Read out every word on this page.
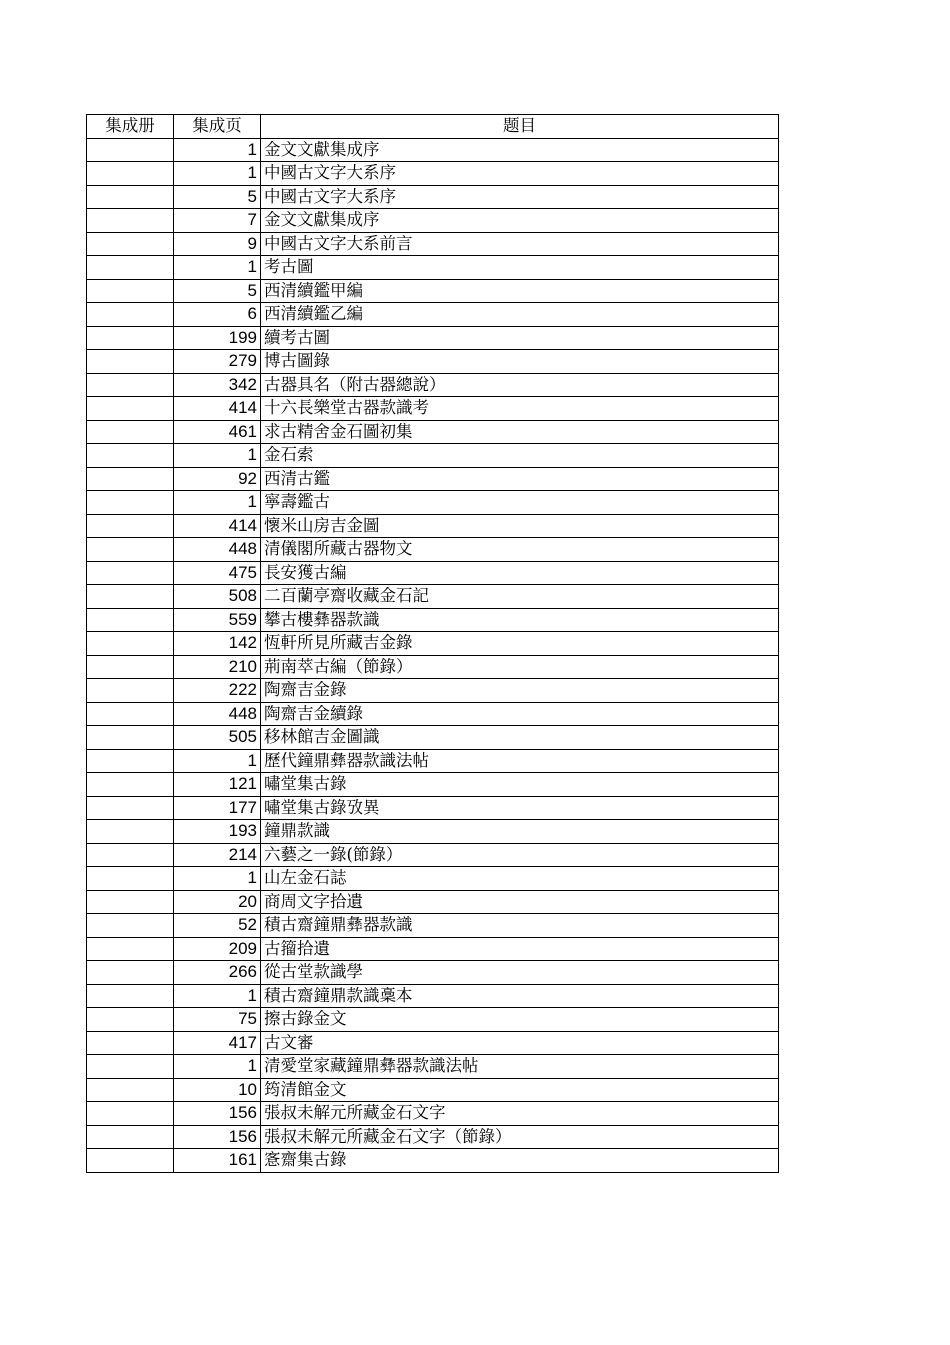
集成册	集成页	题目
	1	金文文獻集成序
	1	中國古文字大系序
	5	中國古文字大系序
	7	金文文獻集成序
	9	中國古文字大系前言
	1	考古圖
	5	西清續鑑甲編
	6	西清續鑑乙編
	199	續考古圖
	279	博古圖錄
	342	古器具名（附古器總說）
	414	十六長樂堂古器款識考
	461	求古精舍金石圖初集
	1	金石索
	92	西清古鑑
	1	寧壽鑑古
	414	懷米山房吉金圖
	448	清儀閣所藏古器物文
	475	長安獲古編
	508	二百蘭亭齋收藏金石記
	559	攀古樓彝器款識
	142	恆軒所見所藏吉金錄
	210	荊南萃古編（節錄）
	222	陶齋吉金錄
	448	陶齋吉金續錄
	505	移林館吉金圖識
	1	歷代鐘鼎彝器款識法帖
	121	嘯堂集古錄
	177	嘯堂集古錄攷異
	193	鐘鼎款識
	214	六藝之一錄(節錄）
	1	山左金石誌
	20	商周文字拾遺
	52	積古齋鐘鼎彝器款識
	209	古籀拾遺
	266	從古堂款識學
	1	積古齋鐘鼎款識稾本
	75	擦古錄金文
	417	古文審
	1	清愛堂家藏鐘鼎彝器款識法帖
	10	筠清館金文
	156	張叔未解元所藏金石文字
	156	張叔未解元所藏金石文字（節錄）
	161	愙齋集古錄
